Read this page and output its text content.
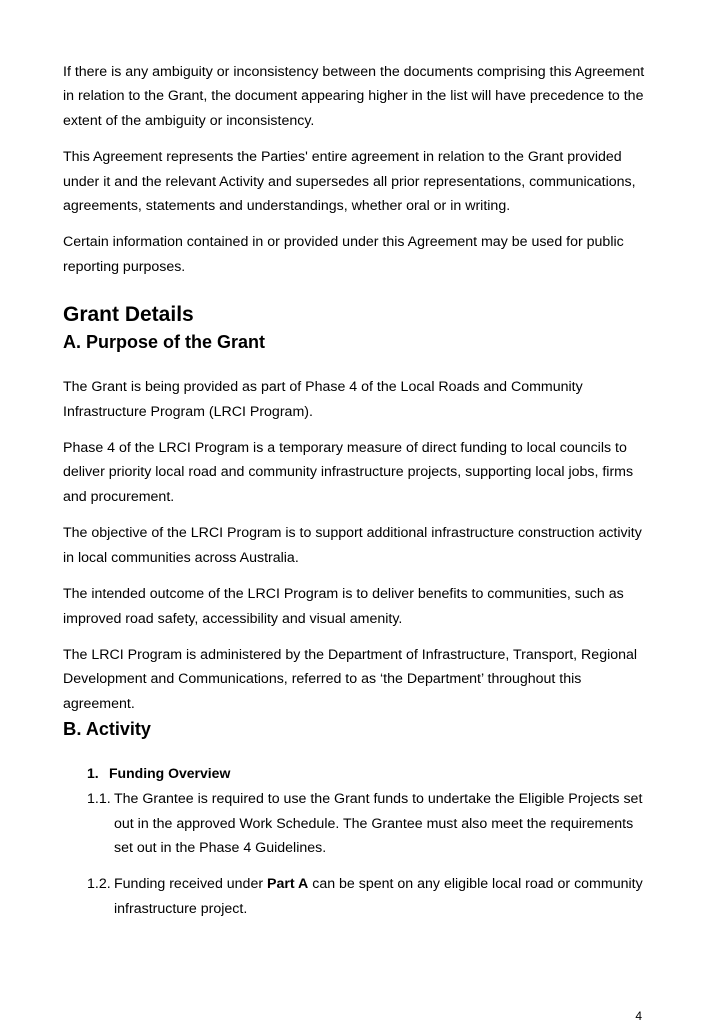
If there is any ambiguity or inconsistency between the documents comprising this Agreement in relation to the Grant, the document appearing higher in the list will have precedence to the extent of the ambiguity or inconsistency.

This Agreement represents the Parties' entire agreement in relation to the Grant provided under it and the relevant Activity and supersedes all prior representations, communications, agreements, statements and understandings, whether oral or in writing.

Certain information contained in or provided under this Agreement may be used for public reporting purposes.

Grant Details
A. Purpose of the Grant

The Grant is being provided as part of Phase 4 of the Local Roads and Community Infrastructure Program (LRCI Program).

Phase 4 of the LRCI Program is a temporary measure of direct funding to local councils to deliver priority local road and community infrastructure projects, supporting local jobs, firms and procurement.

The objective of the LRCI Program is to support additional infrastructure construction activity in local communities across Australia.

The intended outcome of the LRCI Program is to deliver benefits to communities, such as improved road safety, accessibility and visual amenity.

The LRCI Program is administered by the Department of Infrastructure, Transport, Regional Development and Communications, referred to as ‘the Department’ throughout this agreement.

B. Activity
1. Funding Overview
1.1. The Grantee is required to use the Grant funds to undertake the Eligible Projects set out in the approved Work Schedule. The Grantee must also meet the requirements set out in the Phase 4 Guidelines.
1.2. Funding received under Part A can be spent on any eligible local road or community infrastructure project.
4
